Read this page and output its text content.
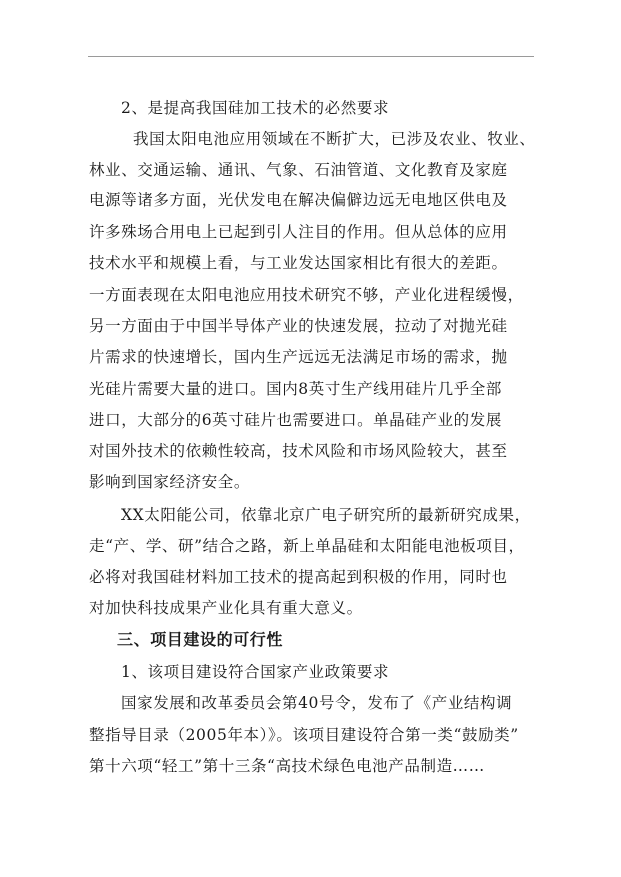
2、是提高我国硅加工技术的必然要求
我国太阳电池应用领域在不断扩大，已涉及农业、牧业、
林业、交通运输、通讯、气象、石油管道、文化教育及家庭
电源等诸多方面，光伏发电在解决偏僻边远无电地区供电及
许多殊场合用电上已起到引人注目的作用。但从总体的应用
技术水平和规模上看，与工业发达国家相比有很大的差距。
一方面表现在太阳电池应用技术研究不够，产业化进程缓慢，
另一方面由于中国半导体产业的快速发展，拉动了对抛光硅
片需求的快速增长，国内生产远远无法满足市场的需求，抛
光硅片需要大量的进口。国内8英寸生产线用硅片几乎全部
进口，大部分的6英寸硅片也需要进口。单晶硅产业的发展
对国外技术的依赖性较高，技术风险和市场风险较大，甚至
影响到国家经济安全。
XX太阳能公司，依靠北京广电子研究所的最新研究成果，
走“产、学、研”结合之路，新上单晶硅和太阳能电池板项目，
必将对我国硅材料加工技术的提高起到积极的作用，同时也
对加快科技成果产业化具有重大意义。
三、项目建设的可行性
1、该项目建设符合国家产业政策要求
国家发展和改革委员会第40号令，发布了《产业结构调
整指导目录（2005年本）》。该项目建设符合第一类“鼓励类”
第十六项“轻工”第十三条“高技术绿色电池产品制造……
